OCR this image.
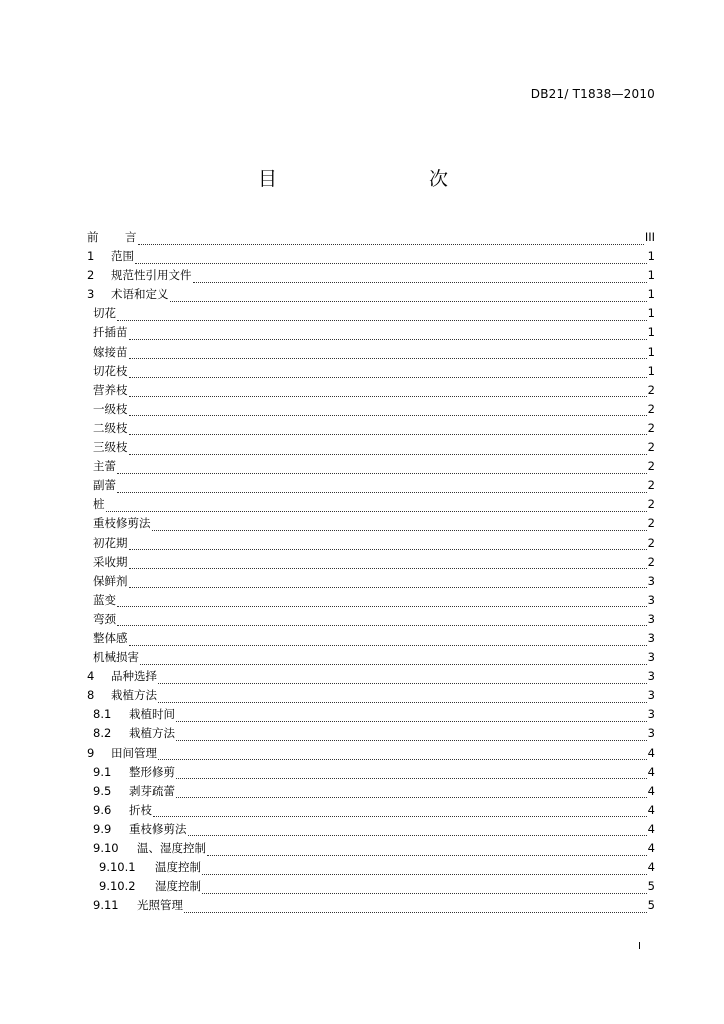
DB21/ T1838—2010
目　　次
前 言	III
1 范围	1
2 规范性引用文件	1
3 术语和定义	1
切花	1
扦插苗	1
嫁接苗	1
切花枝	1
营养枝	2
一级枝	2
二级枝	2
三级枝	2
主蕾	2
副蕾	2
桩	2
重枝修剪法	2
初花期	2
采收期	2
保鲜剂	3
蓝变	3
弯颈	3
整体感	3
机械损害	3
4 品种选择	3
8 栽植方法	3
8.1 栽植时间	3
8.2 栽植方法	3
9 田间管理	4
9.1 整形修剪	4
9.5 剥芽疏蕾	4
9.6 折枝	4
9.9 重枝修剪法	4
9.10 温、湿度控制	4
9.10.1 温度控制	4
9.10.2 湿度控制	5
9.11 光照管理	5
I
